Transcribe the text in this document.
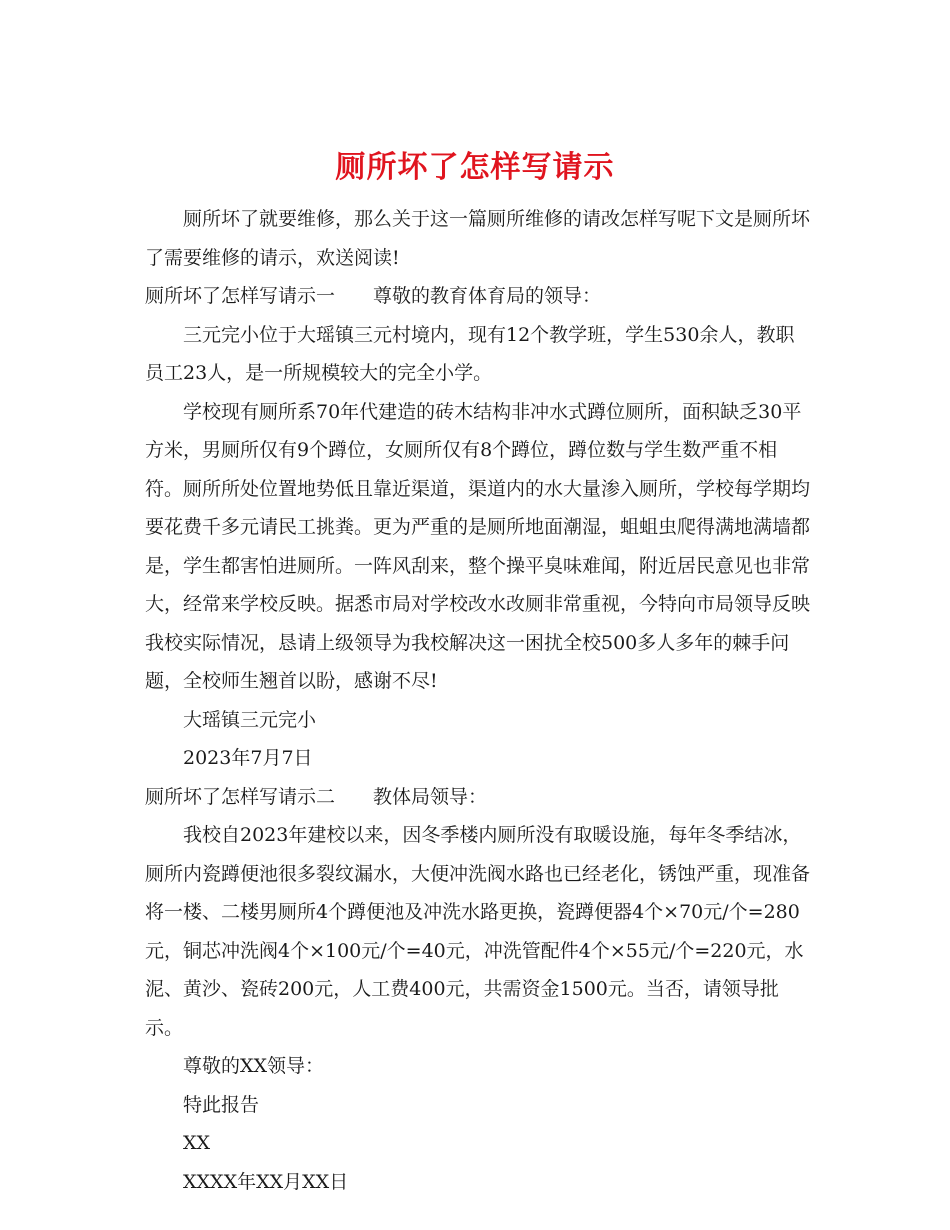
厕所坏了怎样写请示

厕所坏了就要维修，那么关于这一篇厕所维修的请改怎样写呢下文是厕所坏了需要维修的请示，欢送阅读!

厕所坏了怎样写请示一 尊敬的教育体育局的领导：

三元完小位于大瑶镇三元村境内，现有12个教学班，学生530余人，教职员工23人，是一所规模较大的完全小学。

学校现有厕所系70年代建造的砖木结构非冲水式蹲位厕所，面积缺乏30平方米，男厕所仅有9个蹲位，女厕所仅有8个蹲位，蹲位数与学生数严重不相符。厕所所处位置地势低且靠近渠道，渠道内的水大量渗入厕所，学校每学期均要花费千多元请民工挑粪。更为严重的是厕所地面潮湿，蛆蛆虫爬得满地满墙都是，学生都害怕进厕所。一阵风刮来，整个操平臭味难闻，附近居民意见也非常大，经常来学校反映。据悉市局对学校改水改厕非常重视，今特向市局领导反映我校实际情况，恳请上级领导为我校解决这一困扰全校500多人多年的棘手问题，全校师生翘首以盼，感谢不尽!

大瑶镇三元完小

2023年7月7日

厕所坏了怎样写请示二 教体局领导：

我校自2023年建校以来，因冬季楼内厕所没有取暖设施，每年冬季结冰，厕所内瓷蹲便池很多裂纹漏水，大便冲洗阀水路也已经老化，锈蚀严重，现准备将一楼、二楼男厕所4个蹲便池及冲洗水路更换，瓷蹲便器4个×70元/个=280元，铜芯冲洗阀4个×100元/个=40元，冲洗管配件4个×55元/个=220元，水泥、黄沙、瓷砖200元，人工费400元，共需资金1500元。当否，请领导批示。

尊敬的XX领导：

特此报告

XX

XXXX年XX月XX日
